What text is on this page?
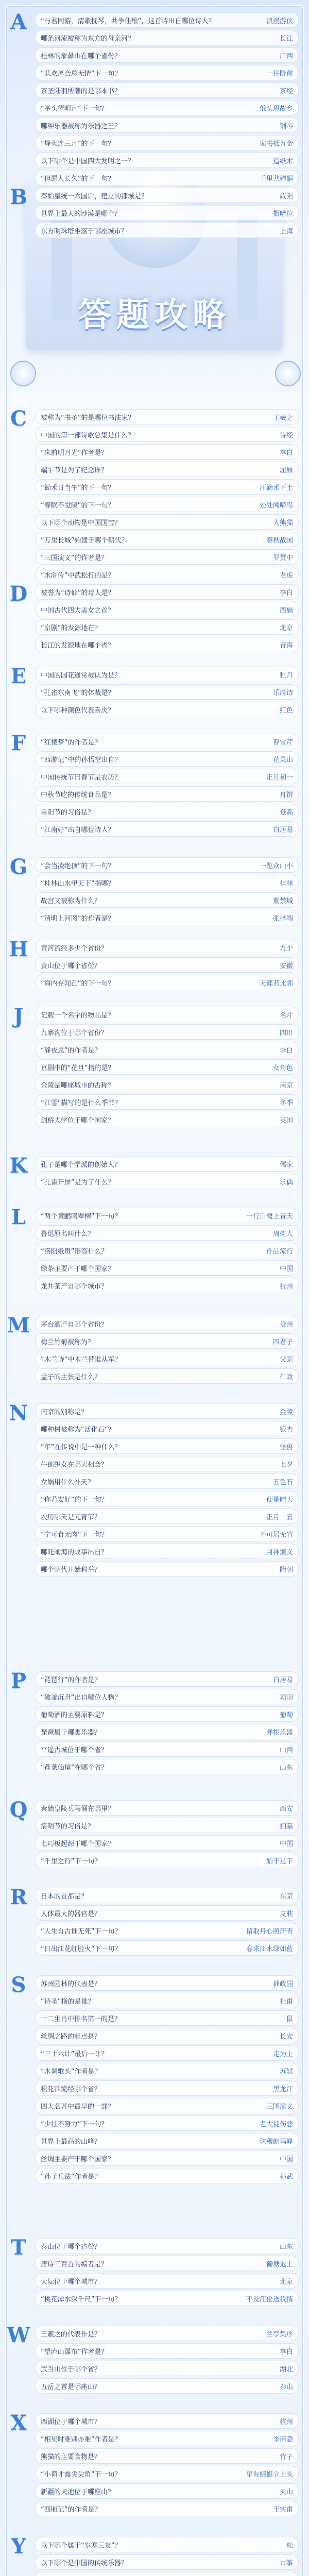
答题攻略
A	“与君同游，清歌抚琴，共争佳酿”，这首诗出自哪位诗人？	浪漫游侠
哪条河流被称为东方的母亲河？	长江
桂林的象鼻山在哪个省份？	广西
“悲欢离合总无情”下一句？	一任阶前
茶圣陆羽所著的是哪本书？	茶经
“举头望明月”下一句？	低头思故乡
哪种乐器被称为乐器之王？	钢琴
“烽火连三月”的下一句？	家书抵万金
以下哪个是中国四大发明之一？	造纸术
“但愿人长久”的下一句？	千里共婵娟
秦始皇统一六国后，建立的都城是？	咸阳
世界上最大的沙漠是哪个？	撒哈拉
东方明珠塔坐落于哪座城市？	上海
B
C	被称为“书圣”的是哪位书法家？	王羲之
中国的第一部诗歌总集是什么？	诗经
“床前明月光”作者是？	李白
端午节是为了纪念谁？	屈原
“锄禾日当午”的下一句？	汗滴禾下土
“春眠不觉晓”的下一句？	处处闻啼鸟
以下哪个动物是中国国宝？	大熊猫
“万里长城”始建于哪个朝代？	春秋战国
“三国演义”的作者是？	罗贯中
“水浒传”中武松打的是？	老虎
D	被誉为“诗仙”的诗人是？	李白
中国古代四大美女之首？	西施
“京剧”的发源地在？	北京
长江的发源地在哪个省？	青海
E	中国的国花通常被认为是？	牡丹
“孔雀东南飞”的体裁是？	乐府诗
以下哪种颜色代表喜庆？	红色
F	“红楼梦”的作者是？	曹雪芹
“西游记”中的孙悟空出自？	花果山
中国传统节日春节是农历？	正月初一
中秋节吃的传统食品是？	月饼
重阳节的习俗是？	登高
“江南好”出自哪位诗人？	白居易
G	“会当凌绝顶”的下一句？	一览众山小
“桂林山水甲天下”指哪？	桂林
故宫又被称为什么？	紫禁城
“清明上河图”的作者是？	张择端
H	黄河流经多少个省份？	九个
黄山位于哪个省份？	安徽
“海内存知己”的下一句？	天涯若比邻
J	记载一个名字的物品是？	名片
九寨沟位于哪个省份？	四川
“静夜思”的作者是？	李白
京剧中的“花旦”指的是？	女角色
金陵是哪座城市的古称？	南京
“江雪”描写的是什么季节？	冬季
剑桥大学位于哪个国家？	英国
K	孔子是哪个学派的创始人？	儒家
“孔雀开屏”是为了什么？	求偶
L	“两个黄鹂鸣翠柳”下一句？	一行白鹭上青天
鲁迅原名叫什么？	周树人
“洛阳纸贵”形容什么？	作品流行
绿茶主要产于哪个国家？	中国
龙井茶产自哪个城市？	杭州
M 茅台酒产自哪个省份？	贵州
梅兰竹菊被称为？	四君子
“木兰诗”中木兰替谁从军？	父亲
孟子的主张是什么？	仁政
N	南京的别称是？	金陵
哪种树被称为“活化石”？	银杏
“年”在传说中是一种什么？	怪兽
牛郎织女在哪天相会？	七夕
女娲用什么补天？	五色石
“你若安好”的下一句？	便是晴天
农历哪天是元宵节？	正月十五
“宁可食无肉”下一句？	不可居无竹
哪吒闹海的故事出自？	封神演义
哪个朝代开始科举？	隋朝
P	“琵琶行”的作者是？	白居易
“破釜沉舟”出自哪位人物？	项羽
葡萄酒的主要原料是？	葡萄
琵琶属于哪类乐器？	弹拨乐器
平遥古城位于哪个省？	山西
“蓬莱仙境”在哪个省？	山东
Q	秦始皇陵兵马俑在哪里？	西安
清明节的习俗是？	扫墓
七巧板起源于哪个国家？	中国
“千里之行”下一句？	始于足下
R	日本的首都是？	东京
人体最大的器官是？	皮肤
“人生自古谁无死”下一句？	留取丹心照汗青
“日出江花红胜火”下一句？	春来江水绿如蓝
S	苏州园林的代表是？	拙政园
“诗圣”指的是谁？	杜甫
十二生肖中排名第一的是？	鼠
丝绸之路的起点是？	长安
“三十六计”最后一计？	走为上
“水调歌头”作者是？	苏轼
松花江流经哪个省？	黑龙江
四大名著中最早的一部？	三国演义
“少壮不努力”下一句？	老大徒伤悲
世界上最高的山峰？	珠穆朗玛峰
丝绸主要产于哪个国家？	中国
“孙子兵法”作者是？	孙武
T	泰山位于哪个省份？	山东
唐诗三百首的编者是？	蘅塘退士
天坛位于哪个城市？	北京
“桃花潭水深千尺”下一句？	不及汪伦送我情
W 王羲之的代表作是？	兰亭集序
“望庐山瀑布”作者是？	李白
武当山位于哪个省？	湖北
五岳之首是哪座山？	泰山
X	西湖位于哪个城市？	杭州
“相见时难别亦难”作者是？	李商隐
熊猫的主要食物是？	竹子
“小荷才露尖尖角”下一句？	早有蜻蜓立上头
新疆的天池位于哪座山？	天山
“西厢记”的作者是？	王实甫
Y	以下哪个属于“岁寒三友”？	松
以下哪个是中国的传统乐器？	古筝
